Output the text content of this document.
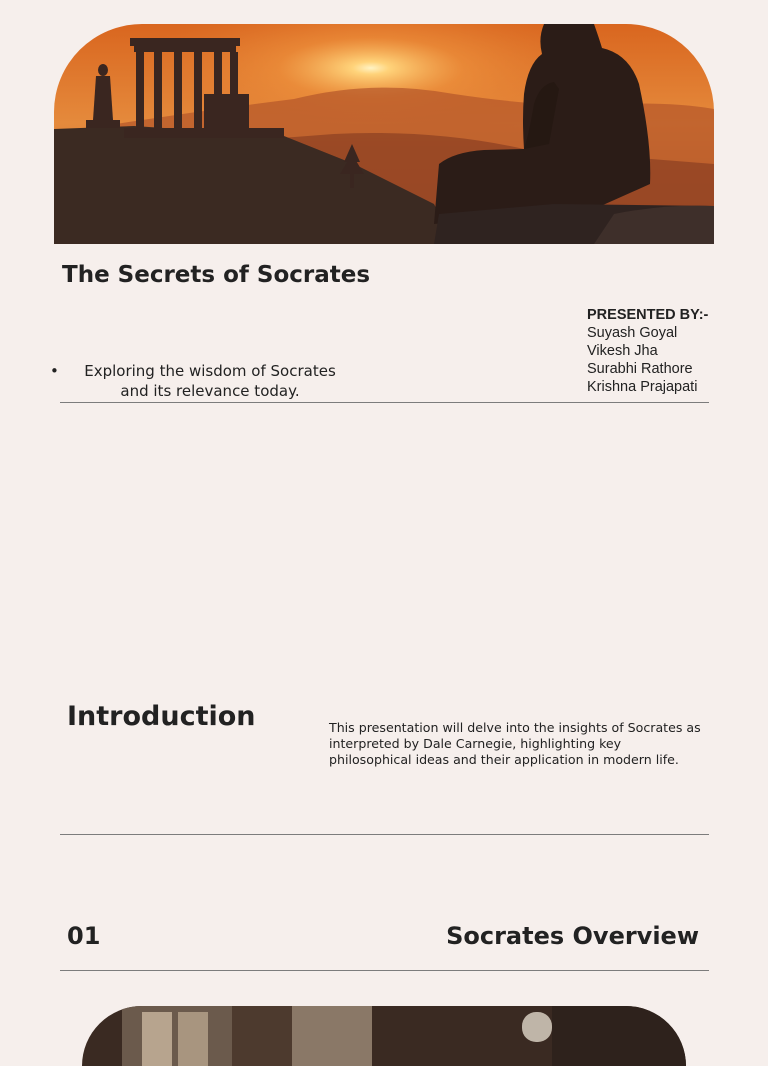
The Secrets of Socrates
•	Exploring the wisdom of Socrates
and its relevance today.
PRESENTED BY:-
Suyash Goyal
Vikesh Jha
Surabhi Rathore
Krishna Prajapati
Introduction	This presentation will delve into the insights of Socrates as interpreted by Dale Carnegie, highlighting key philosophical ideas and their application in modern life.
01	Socrates Overview
